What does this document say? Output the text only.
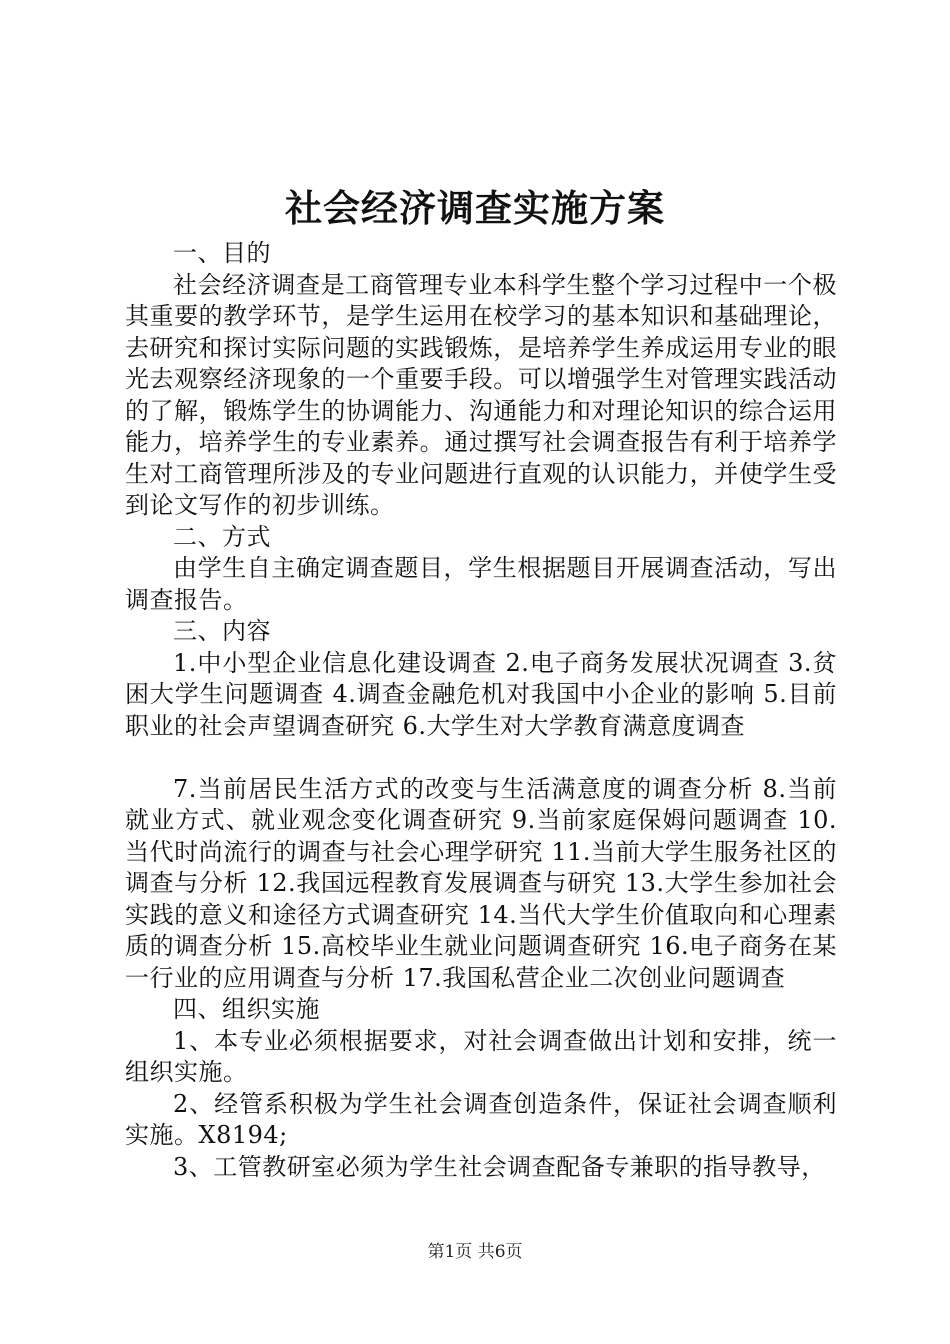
社会经济调查实施方案

一、目的

社会经济调查是工商管理专业本科学生整个学习过程中一个极其重要的教学环节，是学生运用在校学习的基本知识和基础理论，去研究和探讨实际问题的实践锻炼，是培养学生养成运用专业的眼光去观察经济现象的一个重要手段。可以增强学生对管理实践活动的了解，锻炼学生的协调能力、沟通能力和对理论知识的综合运用能力，培养学生的专业素养。通过撰写社会调查报告有利于培养学生对工商管理所涉及的专业问题进行直观的认识能力，并使学生受到论文写作的初步训练。

二、方式

由学生自主确定调查题目，学生根据题目开展调查活动，写出调查报告。

三、内容

1.中小型企业信息化建设调查 2.电子商务发展状况调查 3.贫困大学生问题调查 4.调查金融危机对我国中小企业的影响 5.目前职业的社会声望调查研究 6.大学生对大学教育满意度调查

7.当前居民生活方式的改变与生活满意度的调查分析 8.当前就业方式、就业观念变化调查研究 9.当前家庭保姆问题调查 10.当代时尚流行的调查与社会心理学研究 11.当前大学生服务社区的调查与分析 12.我国远程教育发展调查与研究 13.大学生参加社会实践的意义和途径方式调查研究 14.当代大学生价值取向和心理素质的调查分析 15.高校毕业生就业问题调查研究 16.电子商务在某一行业的应用调查与分析 17.我国私营企业二次创业问题调查

四、组织实施

1、本专业必须根据要求，对社会调查做出计划和安排，统一组织实施。

2、经管系积极为学生社会调查创造条件，保证社会调查顺利实施。X8194;

3、工管教研室必须为学生社会调查配备专兼职的指导教导，

第1页 共6页
